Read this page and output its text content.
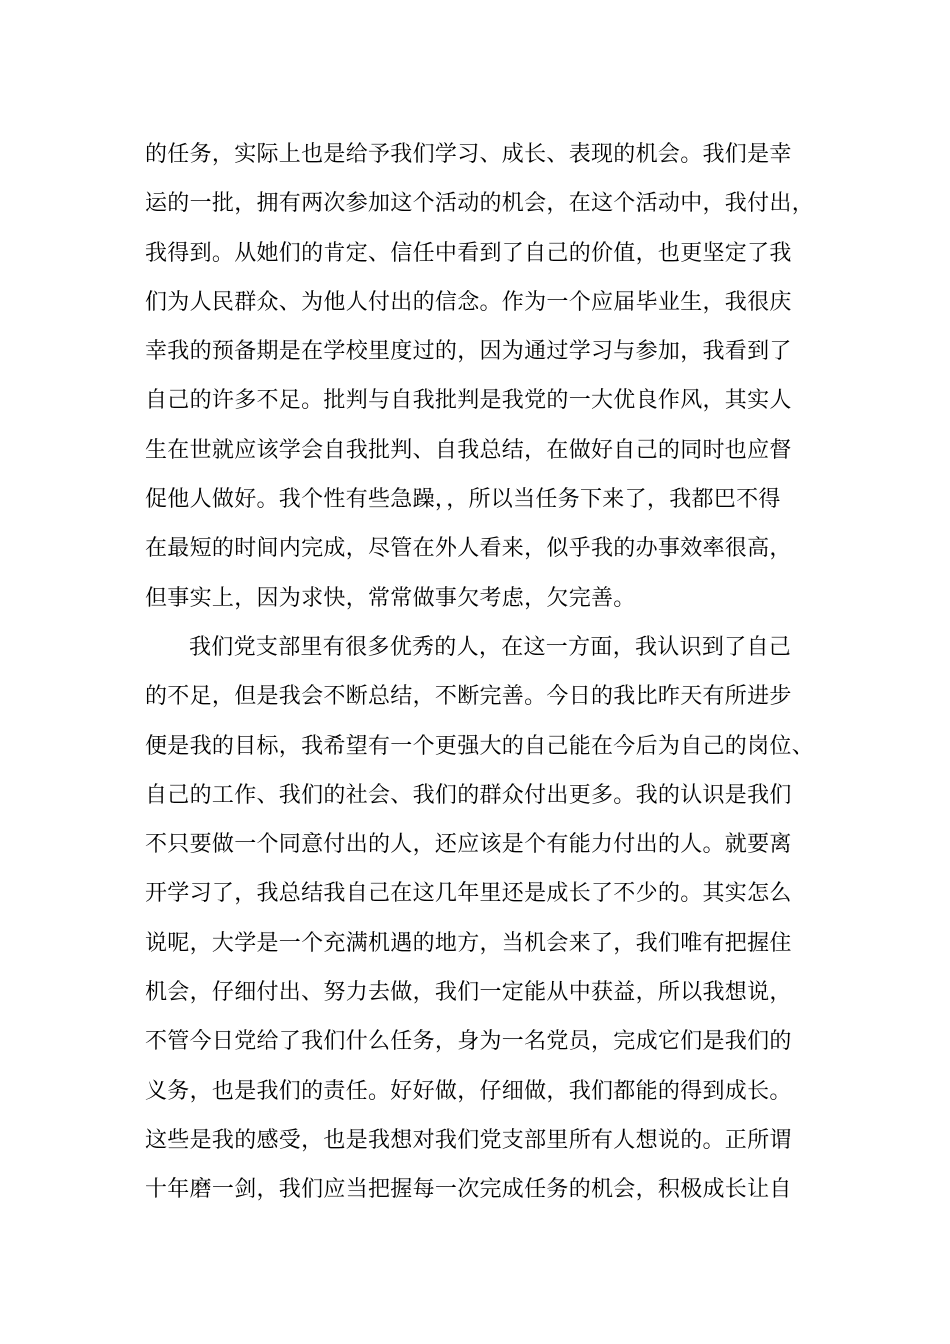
的任务，实际上也是给予我们学习、成长、表现的机会。我们是幸
运的一批，拥有两次参加这个活动的机会，在这个活动中，我付出，
我得到。从她们的肯定、信任中看到了自己的价值，也更坚定了我
们为人民群众、为他人付出的信念。作为一个应届毕业生，我很庆
幸我的预备期是在学校里度过的，因为通过学习与参加，我看到了
自己的许多不足。批判与自我批判是我党的一大优良作风，其实人
生在世就应该学会自我批判、自我总结，在做好自己的同时也应督
促他人做好。我个性有些急躁，，所以当任务下来了，我都巴不得
在最短的时间内完成，尽管在外人看来，似乎我的办事效率很高，
但事实上，因为求快，常常做事欠考虑，欠完善。
我们党支部里有很多优秀的人，在这一方面，我认识到了自己
的不足，但是我会不断总结，不断完善。今日的我比昨天有所进步
便是我的目标，我希望有一个更强大的自己能在今后为自己的岗位、
自己的工作、我们的社会、我们的群众付出更多。我的认识是我们
不只要做一个同意付出的人，还应该是个有能力付出的人。就要离
开学习了，我总结我自己在这几年里还是成长了不少的。其实怎么
说呢，大学是一个充满机遇的地方，当机会来了，我们唯有把握住
机会，仔细付出、努力去做，我们一定能从中获益，所以我想说，
不管今日党给了我们什么任务，身为一名党员，完成它们是我们的
义务，也是我们的责任。好好做，仔细做，我们都能的得到成长。
这些是我的感受，也是我想对我们党支部里所有人想说的。正所谓
十年磨一剑，我们应当把握每一次完成任务的机会，积极成长让自
